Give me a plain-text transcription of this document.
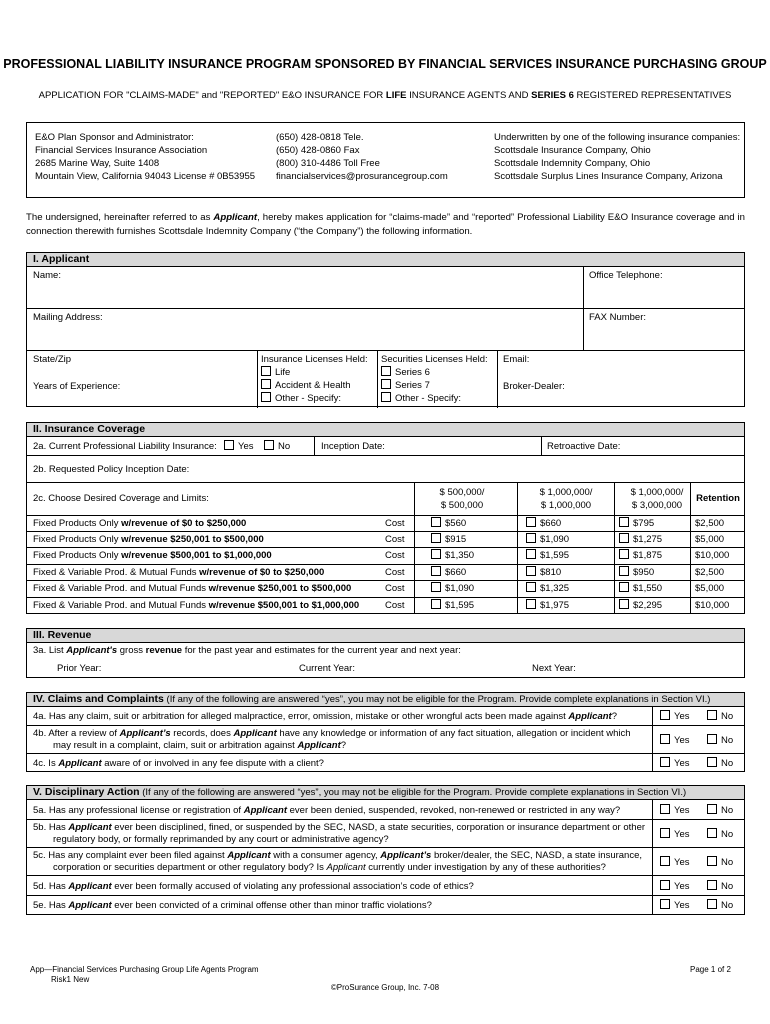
PROFESSIONAL LIABILITY INSURANCE PROGRAM SPONSORED BY FINANCIAL SERVICES INSURANCE PURCHASING GROUP
APPLICATION FOR "CLAIMS-MADE" and "REPORTED" E&O INSURANCE FOR LIFE INSURANCE AGENTS AND SERIES 6 REGISTERED REPRESENTATIVES
E&O Plan Sponsor and Administrator:
Financial Services Insurance Association
2685 Marine Way, Suite 1408
Mountain View, California 94043 License # 0B53955
(650) 428-0818 Tele.
(650) 428-0860 Fax
(800) 310-4486 Toll Free
financialservices@prosurancegroup.com
Underwritten by one of the following insurance companies:
Scottsdale Insurance Company, Ohio
Scottsdale Indemnity Company, Ohio
Scottsdale Surplus Lines Insurance Company, Arizona
The undersigned, hereinafter referred to as Applicant, hereby makes application for “claims-made” and “reported” Professional Liability E&O Insurance coverage and in connection therewith furnishes Scottsdale Indemnity Company (“the Company”) the following information.
I. Applicant
Name:	Office Telephone:
Mailing Address:	FAX Number:
State/Zip
Years of Experience:
Insurance Licenses Held:
Life
Accident & Health
Other - Specify:
Securities Licenses Held:
Series 6
Series 7
Other - Specify:
Email:
Broker-Dealer:
II. Insurance Coverage
2a. Current Professional Liability Insurance:	Yes	No	Inception Date:	Retroactive Date:
2b. Requested Policy Inception Date:
2c. Choose Desired Coverage and Limits:
$ 500,000/
$ 500,000
$ 1,000,000/
$ 1,000,000
$ 1,000,000/
$ 3,000,000
Retention
Fixed Products Only w/revenue of $0 to $250,000	Cost	$560	$660	$795	$2,500
Fixed Products Only w/revenue $250,001 to $500,000	Cost	$915	$1,090	$1,275	$5,000
Fixed Products Only w/revenue $500,001 to $1,000,000	Cost	$1,350	$1,595	$1,875	$10,000
Fixed & Variable Prod. & Mutual Funds w/revenue of $0 to $250,000	Cost	$660	$810	$950	$2,500
Fixed & Variable Prod. and Mutual Funds w/revenue $250,001 to $500,000	Cost	$1,090	$1,325	$1,550	$5,000
Fixed & Variable Prod. and Mutual Funds w/revenue $500,001 to $1,000,000	Cost	$1,595	$1,975	$2,295	$10,000
III. Revenue
3a. List Applicant's gross revenue for the past year and estimates for the current year and next year:
Prior Year:	Current Year:	Next Year:
IV. Claims and Complaints (If any of the following are answered “yes”, you may not be eligible for the Program. Provide complete explanations in Section VI.)
4a. Has any claim, suit or arbitration for alleged malpractice, error, omission, mistake or other wrongful acts been made against Applicant?	Yes	No
4b. After a review of Applicant’s records, does Applicant have any knowledge or information of any fact situation, allegation or incident which
may result in a complaint, claim, suit or arbitration against Applicant?	Yes	No
4c. Is Applicant aware of or involved in any fee dispute with a client?	Yes	No
V. Disciplinary Action (If any of the following are answered “yes”, you may not be eligible for the Program. Provide complete explanations in Section VI.)
5a. Has any professional license or registration of Applicant ever been denied, suspended, revoked, non-renewed or restricted in any way?	Yes	No
5b. Has Applicant ever been disciplined, fined, or suspended by the SEC, NASD, a state securities, corporation or insurance department or other
regulatory body, or formally reprimanded by any court or administrative agency?	Yes	No
5c. Has any complaint ever been filed against Applicant with a consumer agency, Applicant’s broker/dealer, the SEC, NASD, a state insurance,
corporation or securities department or other regulatory body? Is Applicant currently under investigation by any of these authorities?	Yes	No
5d. Has Applicant ever been formally accused of violating any professional association’s code of ethics?	Yes	No
5e. Has Applicant ever been convicted of a criminal offense other than minor traffic violations?	Yes	No
App—Financial Services Purchasing Group Life Agents Program
Risk1 New
Page 1 of 2
©ProSurance Group, Inc. 7-08
